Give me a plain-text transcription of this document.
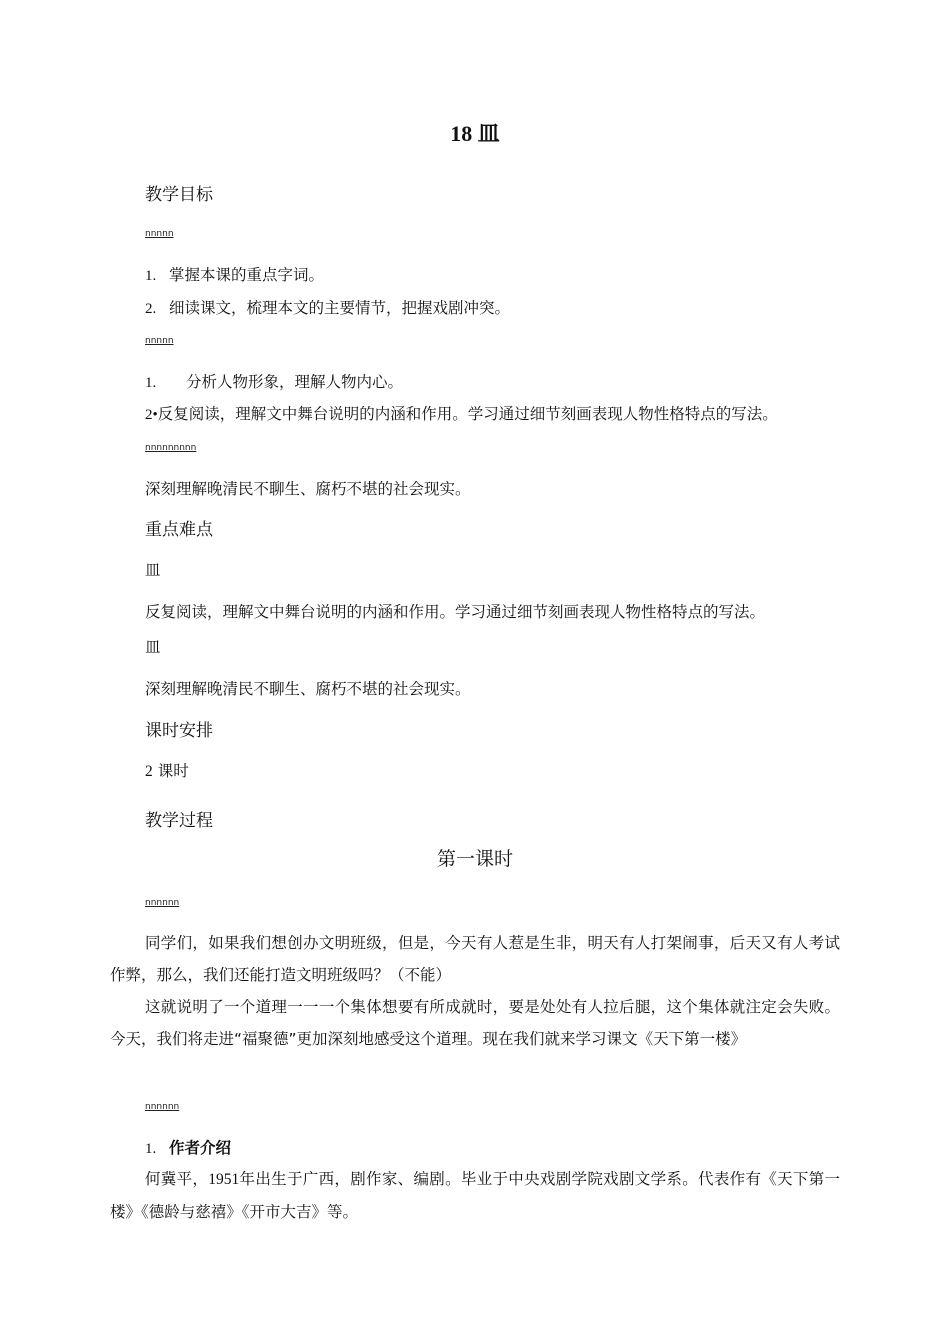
18 皿
教学目标
nnnnn
1. 掌握本课的重点字词。
2. 细读课文，梳理本文的主要情节，把握戏剧冲突。
nnnnn
1. 分析人物形象，理解人物内心。
2•反复阅读，理解文中舞台说明的内涵和作用。学习通过细节刻画表现人物性格特点的写法。
nnnnnnnnn
深刻理解晚清民不聊生、腐朽不堪的社会现实。
重点难点
皿
反复阅读，理解文中舞台说明的内涵和作用。学习通过细节刻画表现人物性格特点的写法。
皿
深刻理解晚清民不聊生、腐朽不堪的社会现实。
课时安排
2 课时
教学过程
第一课时
nnnnnn
同学们，如果我们想创办文明班级，但是，今天有人惹是生非，明天有人打架闹事，后天又有人考试作弊，那么，我们还能打造文明班级吗？（不能）
这就说明了一个道理一一一个集体想要有所成就时，要是处处有人拉后腿，这个集体就注定会失败。今天，我们将走进“福聚德”更加深刻地感受这个道理。现在我们就来学习课文《天下第一楼》
nnnnnn
1. 作者介绍
何冀平，1951年出生于广西，剧作家、编剧。毕业于中央戏剧学院戏剧文学系。代表作有《天下第一楼》《德龄与慈禧》《开市大吉》等。
